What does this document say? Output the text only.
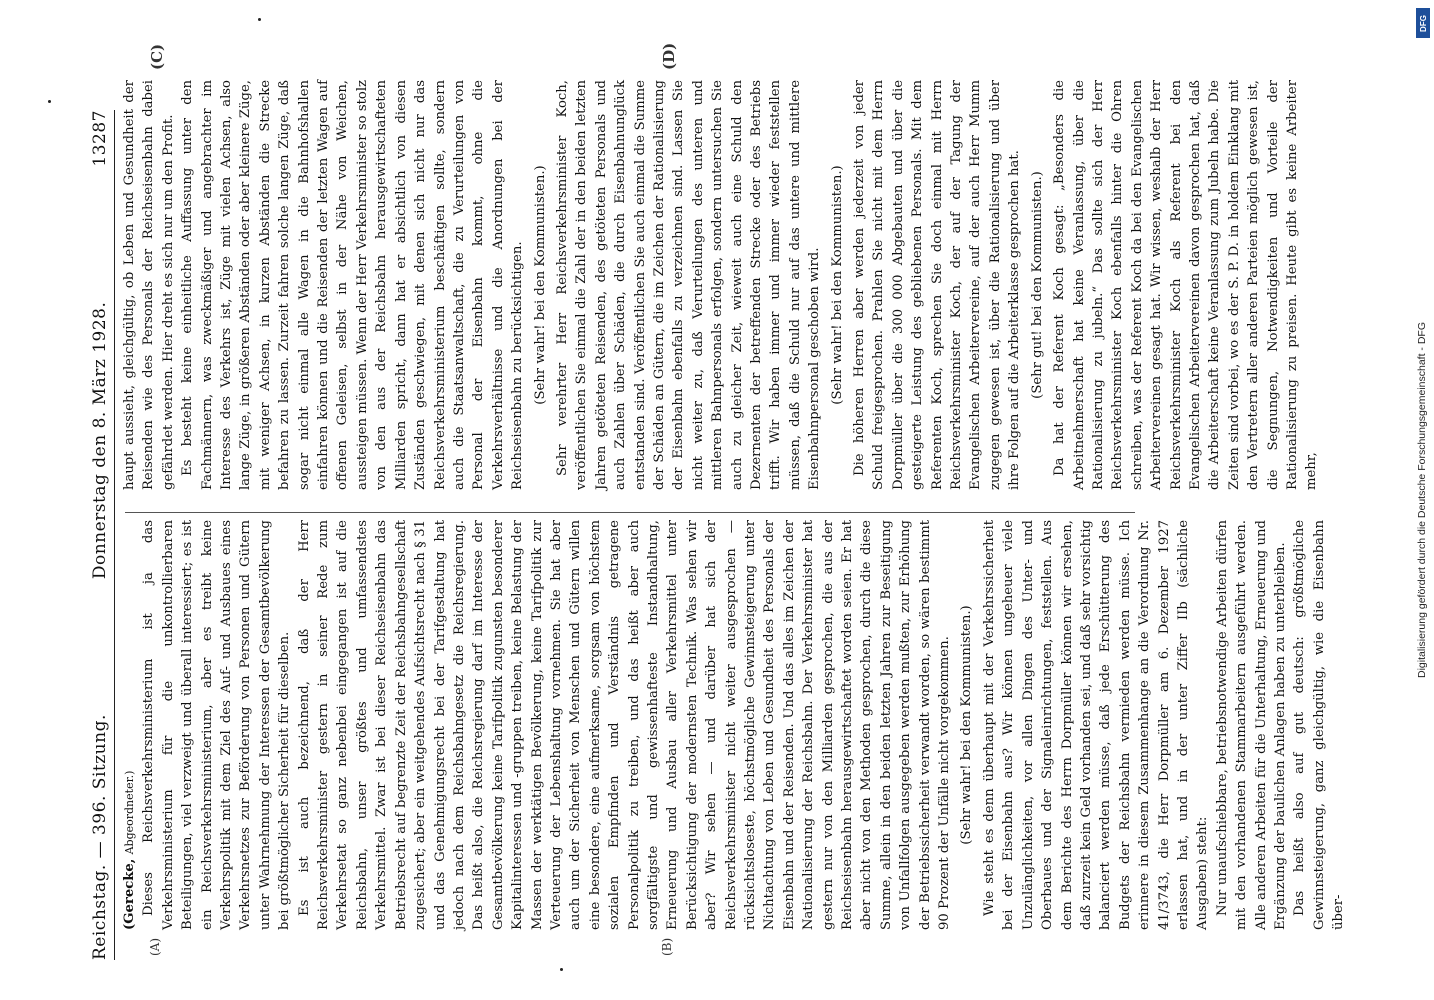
Reichstag. — 396. Sitzung.
Donnerstag den 8. März 1928.
13287
(A)	(B)
(C)	(D)

(Gerecke, Abgeordneter.) Dieses Reichsverkehrsministerium ist ja das Verkehrsministerium für die unkontrollierbaren Beteiligungen, viel verzweigt und überall interessiert; es ist ein Reichsverkehrsministerium, aber es treibt keine Verkehrspolitik mit dem Ziel des Auf- und Ausbaues eines Verkehrsnetzes zur Beförderung von Personen und Gütern unter Wahrnehmung der Interessen der Gesamtbevölkerung bei größtmöglicher Sicherheit für dieselben. Es ist auch bezeichnend, daß der Herr Reichsverkehrsminister gestern in seiner Rede zum Verkehrsetat so ganz nebenbei eingegangen ist auf die Reichsbahn, unser größtes und umfassendstes Verkehrsmittel. Zwar ist bei dieser Reichseisenbahn das Betriebsrecht auf begrenzte Zeit der Reichsbahngesellschaft zugesichert; aber ein weitgehendes Aufsichtsrecht nach § 31 und das Genehmigungsrecht bei der Tarifgestaltung hat jedoch nach dem Reichsbahngesetz die Reichsregierung. Das heißt also, die Reichsregierung darf im Interesse der Gesamtbevölkerung keine Tarifpolitik zugunsten besonderer Kapitalinteressen und -gruppen treiben, keine Belastung der Massen der werktätigen Bevölkerung, keine Tarifpolitik zur Verteuerung der Lebenshaltung vornehmen. Sie hat aber auch um der Sicherheit von Menschen und Gütern willen eine besondere, eine aufmerksame, sorgsam von höchstem sozialen Empfinden und Verständnis getragene Personalpolitik zu treiben, und das heißt aber auch sorgfältigste und gewissenhafteste Instandhaltung, Erneuerung und Ausbau aller Verkehrsmittel unter Berücksichtigung der modernsten Technik. Was sehen wir aber? Wir sehen — und darüber hat sich der Reichsverkehrsminister nicht weiter ausgesprochen — rücksichtsloseste, höchstmögliche Gewinnsteigerung unter Nichtachtung von Leben und Gesundheit des Personals der Eisenbahn und der Reisenden. Und das alles im Zeichen der Nationalisierung der Reichsbahn. Der Verkehrsminister hat gestern nur von den Milliarden gesprochen, die aus der Reichseisenbahn herausgewirtschaftet worden seien. Er hat aber nicht von den Methoden gesprochen, durch die diese Summe, allein in den beiden letzten Jahren zur Beseitigung von Unfallfolgen ausgegeben werden mußten, zur Erhöhung der Betriebssicherheit verwandt worden, so wären bestimmt 90 Prozent der Unfälle nicht vorgekommen. (Sehr wahr! bei den Kommunisten.) Wie steht es denn überhaupt mit der Verkehrssicherheit bei der Eisenbahn aus? Wir können ungeheuer viele Unzulänglichkeiten, vor allen Dingen des Unter- und Oberbaues und der Signaleinrichtungen, feststellen. Aus dem Berichte des Herrn Dorpmüller können wir ersehen, daß zurzeit kein Geld vorhanden sei, und daß sehr vorsichtig balanciert werden müsse, daß jede Erschütterung des Budgets der Reichsbahn vermieden werden müsse. Ich erinnere in diesem Zusammenhange an die Verordnung Nr. 41/3743, die Herr Dorpmüller am 6. Dezember 1927 erlassen hat, und in der unter Ziffer IIb (sächliche Ausgaben) steht: Nur unaufschiebbare, betriebsnotwendige Arbeiten dürfen mit den vorhandenen Stammarbeitern ausgeführt werden. Alle anderen Arbeiten für die Unterhaltung, Erneuerung und Ergänzung der baulichen Anlagen haben zu unterbleiben. Das heißt also auf gut deutsch: größtmögliche Gewinnsteigerung, ganz gleichgültig, wie die Eisenbahn über-

haupt aussieht, gleichgültig, ob Leben und Gesundheit der Reisenden wie des Personals der Reichseisenbahn dabei gefährdet werden. Hier dreht es sich nur um den Profit. Es besteht keine einheitliche Auffassung unter den Fachmännern, was zweckmäßiger und angebrachter im Interesse des Verkehrs ist, Züge mit vielen Achsen, also lange Züge, in größeren Abständen oder aber kleinere Züge, mit weniger Achsen, in kurzen Abständen die Strecke befahren zu lassen. Zurzeit fahren solche langen Züge, daß sogar nicht einmal alle Wagen in die Bahnhofshallen einfahren können und die Reisenden der letzten Wagen auf offenen Geleisen, selbst in der Nähe von Weichen, aussteigen müssen. Wenn der Herr Verkehrsminister so stolz von den aus der Reichsbahn herausgewirtschafteten Milliarden spricht, dann hat er absichtlich von diesen Zuständen geschwiegen, mit denen sich nicht nur das Reichsverkehrsministerium beschäftigen sollte, sondern auch die Staatsanwaltschaft, die zu Verurteilungen von Personal der Eisenbahn kommt, ohne die Verkehrsverhältnisse und die Anordnungen bei der Reichseisenbahn zu berücksichtigen. (Sehr wahr! bei den Kommunisten.) Sehr verehrter Herr Reichsverkehrsminister Koch, veröffentlichen Sie einmal die Zahl der in den beiden letzten Jahren getöteten Reisenden, des getöteten Personals und auch Zahlen über Schäden, die durch Eisenbahnunglück entstanden sind. Veröffentlichen Sie auch einmal die Summe der Schäden an Gütern, die im Zeichen der Rationalisierung der Eisenbahn ebenfalls zu verzeichnen sind. Lassen Sie nicht weiter zu, daß Verurteilungen des unteren und mittleren Bahnpersonals erfolgen, sondern untersuchen Sie auch zu gleicher Zeit, wieweit auch eine Schuld den Dezernenten der betreffenden Strecke oder des Betriebs trifft. Wir haben immer und immer wieder feststellen müssen, daß die Schuld nur auf das untere und mittlere Eisenbahnpersonal geschoben wird. (Sehr wahr! bei den Kommunisten.) Die höheren Herren aber werden jederzeit von jeder Schuld freigesprochen. Prahlen Sie nicht mit dem Herrn Dorpmüller über die 300 000 Abgebauten und über die gesteigerte Leistung des gebliebenen Personals. Mit dem Referenten Koch, sprechen Sie doch einmal mit Herrn Reichsverkehrsminister Koch, der auf der Tagung der Evangelischen Arbeitervereine, auf der auch Herr Mumm zugegen gewesen ist, über die Rationalisierung und über ihre Folgen auf die Arbeiterklasse gesprochen hat. (Sehr gut! bei den Kommunisten.) Da hat der Referent Koch gesagt: „Besonders die Arbeitnehmerschaft hat keine Veranlassung, über die Rationalisierung zu jubeln.“ Das sollte sich der Herr Reichsverkehrsminister Koch ebenfalls hinter die Ohren schreiben, was der Referent Koch da bei den Evangelischen Arbeitervereinen gesagt hat. Wir wissen, weshalb der Herr Reichsverkehrsminister Koch als Referent bei den Evangelischen Arbeitervereinen davon gesprochen hat, daß die Arbeiterschaft keine Veranlassung zum Jubeln habe. Die Zeiten sind vorbei, wo es der S. P. D. in holdem Einklang mit den Vertretern aller anderen Parteien möglich gewesen ist, die Segnungen, Notwendigkeiten und Vorteile der Rationalisierung zu preisen. Heute gibt es keine Arbeiter mehr,	Digitalisierung gefördert durch die Deutsche Forschungsgemeinschaft - DFG
DFG
